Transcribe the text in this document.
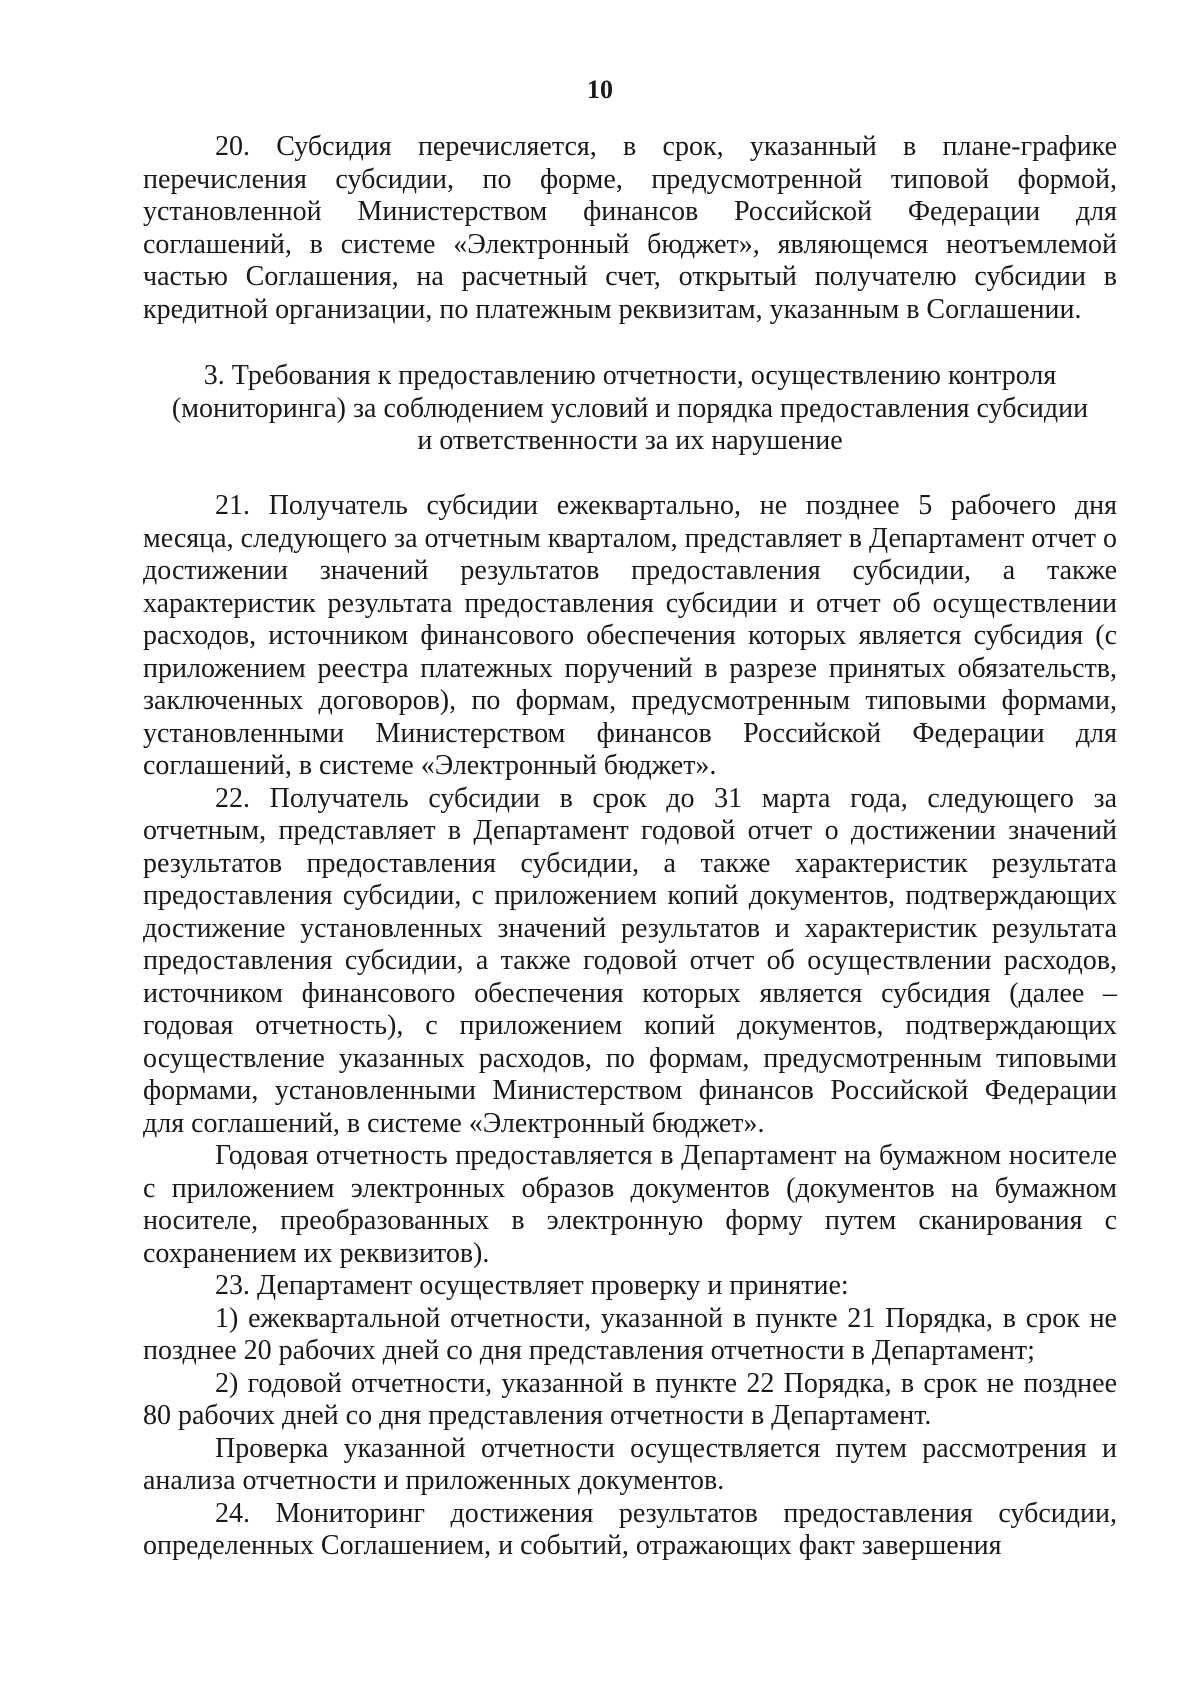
10

20. Субсидия перечисляется, в срок, указанный в плане-графике перечисления субсидии, по форме, предусмотренной типовой формой, установленной Министерством финансов Российской Федерации для соглашений, в системе «Электронный бюджет», являющемся неотъемлемой частью Соглашения, на расчетный счет, открытый получателю субсидии в кредитной организации, по платежным реквизитам, указанным в Соглашении.

3. Требования к предоставлению отчетности, осуществлению контроля
(мониторинга) за соблюдением условий и порядка предоставления субсидии
и ответственности за их нарушение

21. Получатель субсидии ежеквартально, не позднее 5 рабочего дня месяца, следующего за отчетным кварталом, представляет в Департамент отчет о достижении значений результатов предоставления субсидии, а также характеристик результата предоставления субсидии и отчет об осуществлении расходов, источником финансового обеспечения которых является субсидия (с приложением реестра платежных поручений в разрезе принятых обязательств, заключенных договоров), по формам, предусмотренным типовыми формами, установленными Министерством финансов Российской Федерации для соглашений, в системе «Электронный бюджет».

22. Получатель субсидии в срок до 31 марта года, следующего за отчетным, представляет в Департамент годовой отчет о достижении значений результатов предоставления субсидии, а также характеристик результата предоставления субсидии, с приложением копий документов, подтверждающих достижение установленных значений результатов и характеристик результата предоставления субсидии, а также годовой отчет об осуществлении расходов, источником финансового обеспечения которых является субсидия (далее – годовая отчетность), с приложением копий документов, подтверждающих осуществление указанных расходов, по формам, предусмотренным типовыми формами, установленными Министерством финансов Российской Федерации для соглашений, в системе «Электронный бюджет».

Годовая отчетность предоставляется в Департамент на бумажном носителе с приложением электронных образов документов (документов на бумажном носителе, преобразованных в электронную форму путем сканирования с сохранением их реквизитов).

23. Департамент осуществляет проверку и принятие:

1) ежеквартальной отчетности, указанной в пункте 21 Порядка, в срок не позднее 20 рабочих дней со дня представления отчетности в Департамент;

2) годовой отчетности, указанной в пункте 22 Порядка, в срок не позднее 80 рабочих дней со дня представления отчетности в Департамент.

Проверка указанной отчетности осуществляется путем рассмотрения и анализа отчетности и приложенных документов.

24. Мониторинг достижения результатов предоставления субсидии, определенных Соглашением, и событий, отражающих факт завершения
